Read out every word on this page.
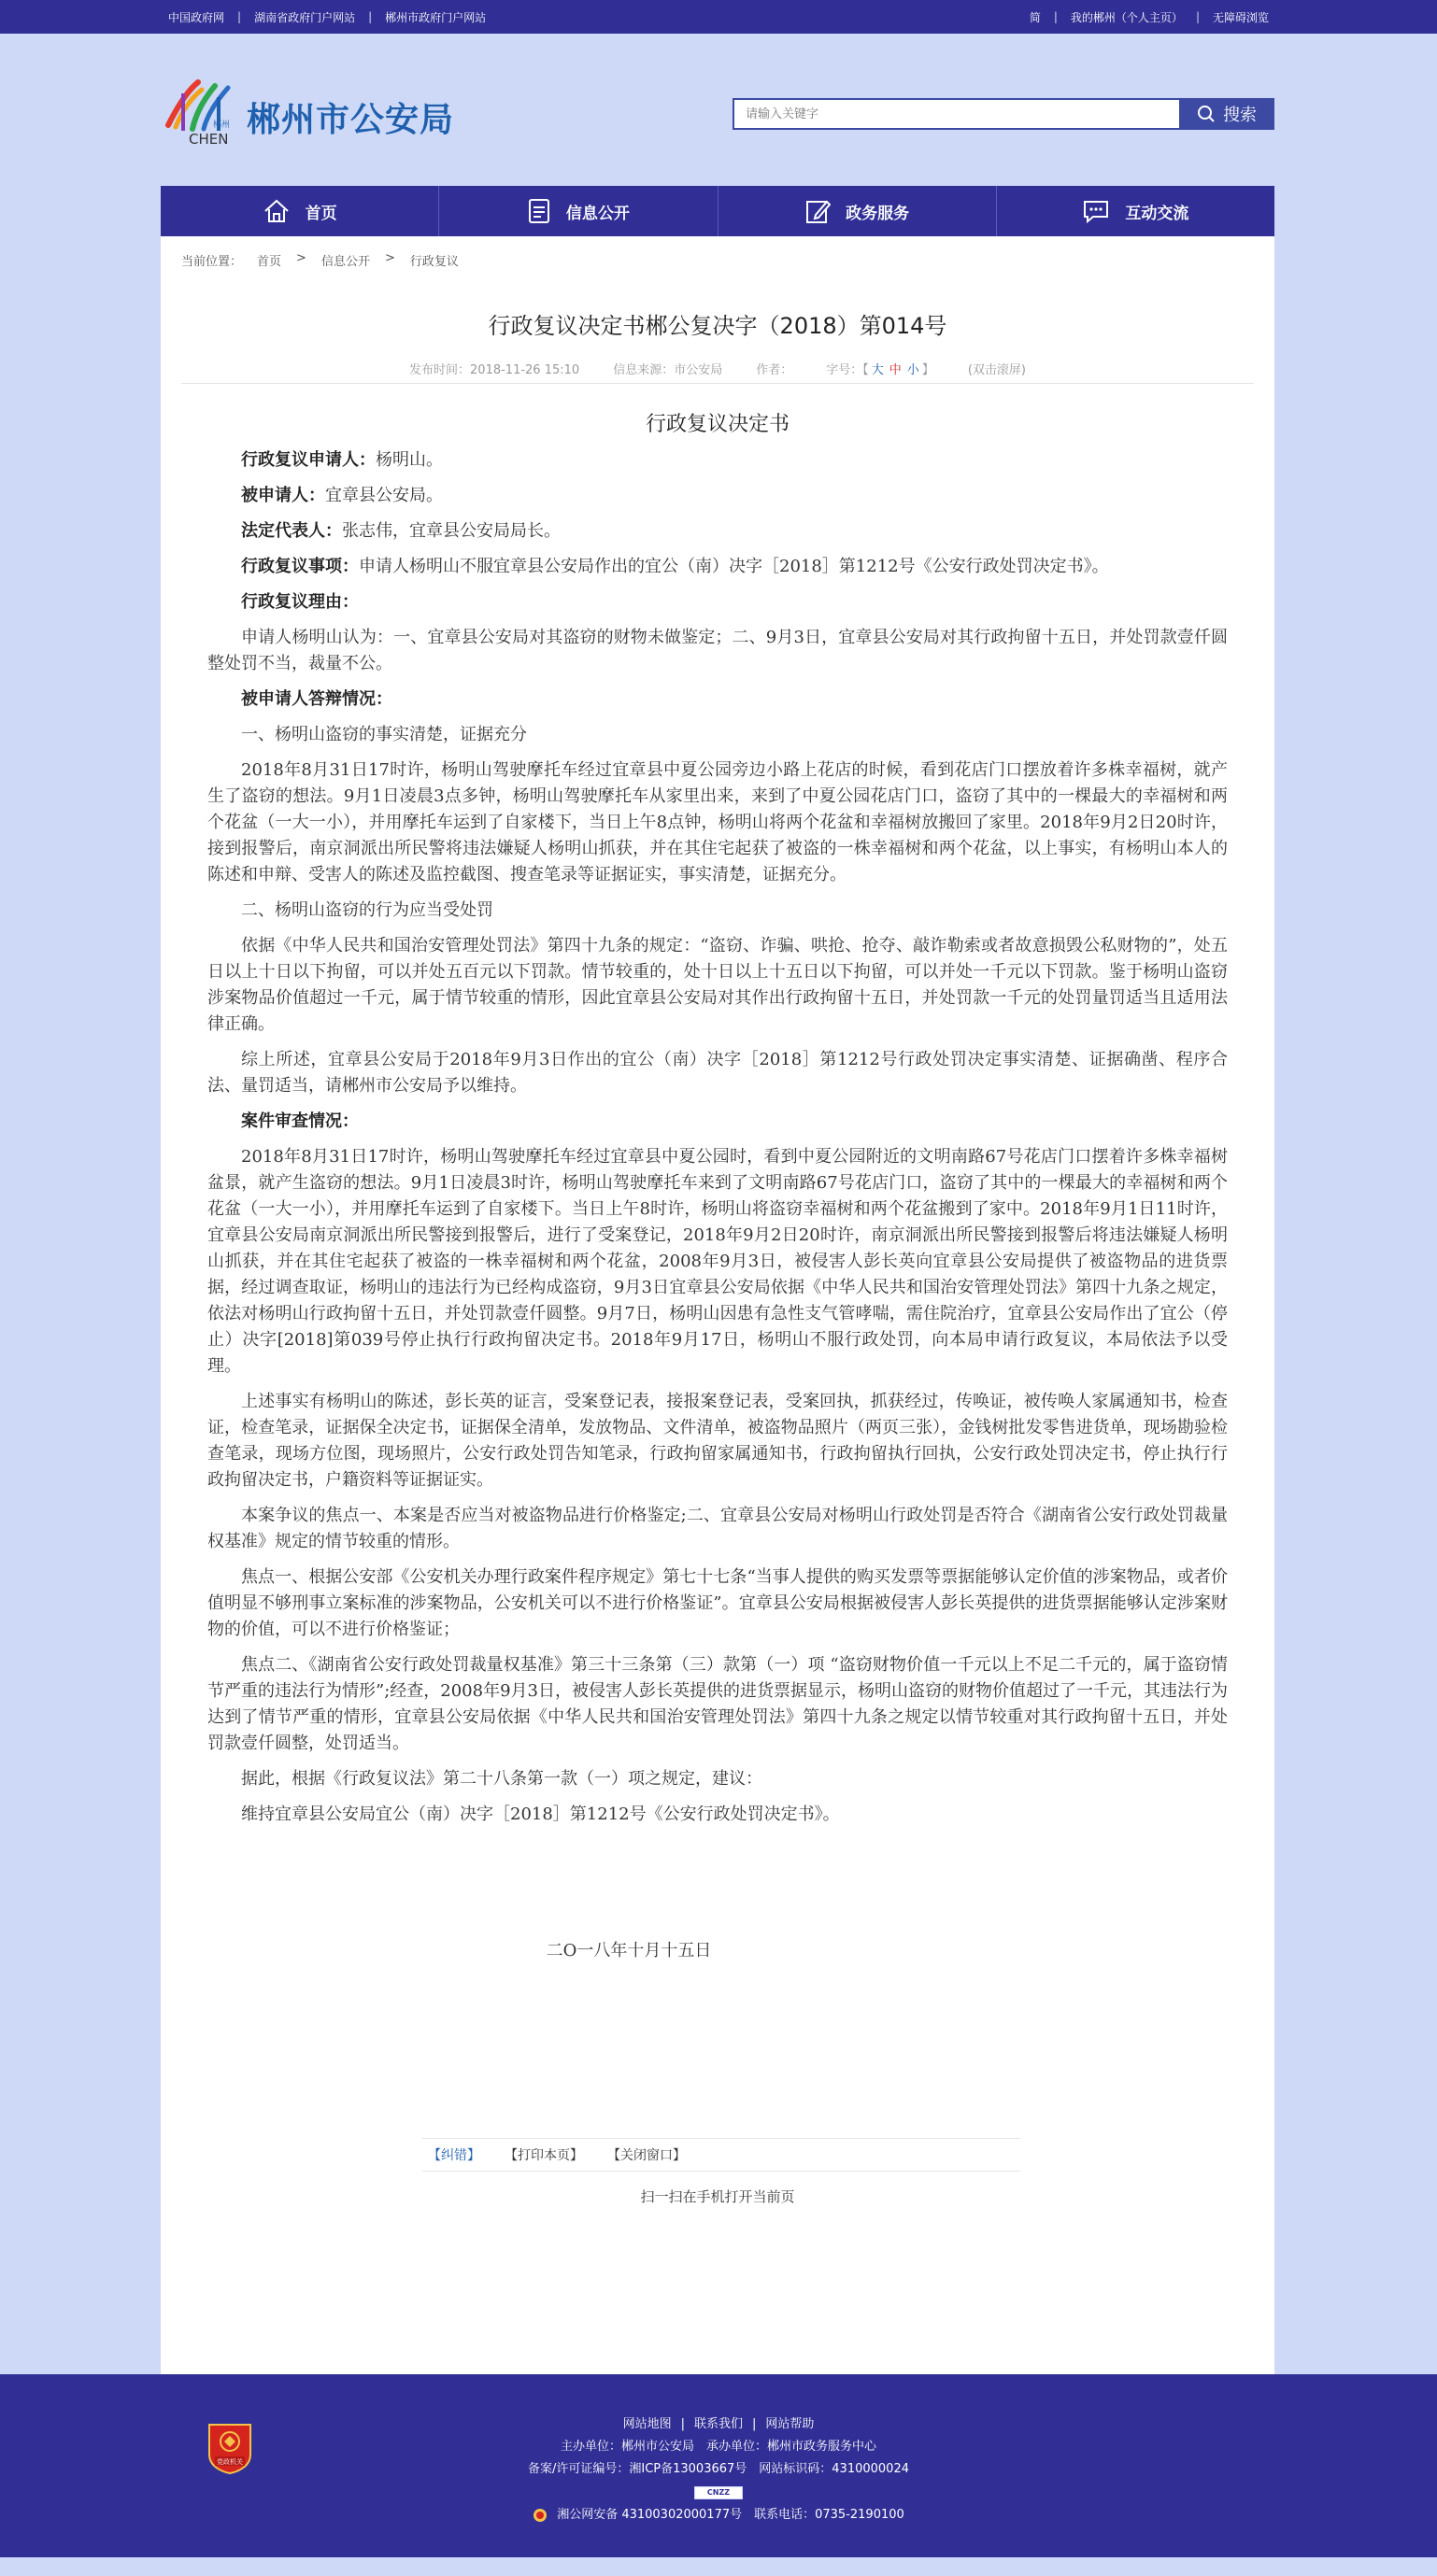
中国政府网 | 湖南省政府门户网站 | 郴州市政府门户网站	简 | 我的郴州（个人主页） | 无障碍浏览
郴州
CHEN 郴州市公安局
请输入关键字	搜索
首页	信息公开	政务服务	互动交流
当前位置： 首页 > 信息公开 > 行政复议
行政复议决定书郴公复决字（2018）第014号
发布时间：2018-11-26 15:10	信息来源：市公安局	作者：	字号：【 大 中 小 】	(双击滚屏)
行政复议决定书

行政复议申请人：杨明山。

被申请人：宜章县公安局。

法定代表人：张志伟，宜章县公安局局长。

行政复议事项：申请人杨明山不服宜章县公安局作出的宜公（南）决字［2018］第1212号《公安行政处罚决定书》。

行政复议理由：

申请人杨明山认为：一、宜章县公安局对其盗窃的财物未做鉴定；二、9月3日，宜章县公安局对其行政拘留十五日，并处罚款壹仟圆整处罚不当，裁量不公。

被申请人答辩情况：

一、杨明山盗窃的事实清楚，证据充分

2018年8月31日17时许，杨明山驾驶摩托车经过宜章县中夏公园旁边小路上花店的时候，看到花店门口摆放着许多株幸福树，就产生了盗窃的想法。9月1日凌晨3点多钟，杨明山驾驶摩托车从家里出来，来到了中夏公园花店门口，盗窃了其中的一棵最大的幸福树和两个花盆（一大一小），并用摩托车运到了自家楼下，当日上午8点钟，杨明山将两个花盆和幸福树放搬回了家里。2018年9月2日20时许，接到报警后，南京洞派出所民警将违法嫌疑人杨明山抓获，并在其住宅起获了被盗的一株幸福树和两个花盆，以上事实，有杨明山本人的陈述和申辩、受害人的陈述及监控截图、搜查笔录等证据证实，事实清楚，证据充分。

二、杨明山盗窃的行为应当受处罚

依据《中华人民共和国治安管理处罚法》第四十九条的规定：“盗窃、诈骗、哄抢、抢夺、敲诈勒索或者故意损毁公私财物的”，处五日以上十日以下拘留，可以并处五百元以下罚款。情节较重的，处十日以上十五日以下拘留，可以并处一千元以下罚款。鉴于杨明山盗窃涉案物品价值超过一千元，属于情节较重的情形，因此宜章县公安局对其作出行政拘留十五日，并处罚款一千元的处罚量罚适当且适用法律正确。

综上所述，宜章县公安局于2018年9月3日作出的宜公（南）决字［2018］第1212号行政处罚决定事实清楚、证据确凿、程序合法、量罚适当，请郴州市公安局予以维持。

案件审查情况：

2018年8月31日17时许，杨明山驾驶摩托车经过宜章县中夏公园时，看到中夏公园附近的文明南路67号花店门口摆着许多株幸福树盆景，就产生盗窃的想法。9月1日凌晨3时许，杨明山驾驶摩托车来到了文明南路67号花店门口，盗窃了其中的一棵最大的幸福树和两个花盆（一大一小），并用摩托车运到了自家楼下。当日上午8时许，杨明山将盗窃幸福树和两个花盆搬到了家中。2018年9月1日11时许，宜章县公安局南京洞派出所民警接到报警后，进行了受案登记，2018年9月2日20时许，南京洞派出所民警接到报警后将违法嫌疑人杨明山抓获，并在其住宅起获了被盗的一株幸福树和两个花盆，2008年9月3日，被侵害人彭长英向宜章县公安局提供了被盗物品的进货票据，经过调查取证，杨明山的违法行为已经构成盗窃，9月3日宜章县公安局依据《中华人民共和国治安管理处罚法》第四十九条之规定，依法对杨明山行政拘留十五日，并处罚款壹仟圆整。9月7日，杨明山因患有急性支气管哮喘，需住院治疗，宜章县公安局作出了宜公（停止）决字[2018]第039号停止执行行政拘留决定书。2018年9月17日，杨明山不服行政处罚，向本局申请行政复议，本局依法予以受理。

上述事实有杨明山的陈述，彭长英的证言，受案登记表，接报案登记表，受案回执，抓获经过，传唤证，被传唤人家属通知书，检查证，检查笔录，证据保全决定书，证据保全清单，发放物品、文件清单，被盗物品照片（两页三张），金钱树批发零售进货单，现场勘验检查笔录，现场方位图，现场照片，公安行政处罚告知笔录，行政拘留家属通知书，行政拘留执行回执，公安行政处罚决定书，停止执行行政拘留决定书，户籍资料等证据证实。

本案争议的焦点一、本案是否应当对被盗物品进行价格鉴定;二、宜章县公安局对杨明山行政处罚是否符合《湖南省公安行政处罚裁量权基准》规定的情节较重的情形。

焦点一、根据公安部《公安机关办理行政案件程序规定》第七十七条“当事人提供的购买发票等票据能够认定价值的涉案物品，或者价值明显不够刑事立案标准的涉案物品，公安机关可以不进行价格鉴证”。宜章县公安局根据被侵害人彭长英提供的进货票据能够认定涉案财物的价值，可以不进行价格鉴证；

焦点二、《湖南省公安行政处罚裁量权基准》第三十三条第（三）款第（一）项 “盗窃财物价值一千元以上不足二千元的，属于盗窃情节严重的违法行为情形”;经查，2008年9月3日，被侵害人彭长英提供的进货票据显示，杨明山盗窃的财物价值超过了一千元，其违法行为达到了情节严重的情形，宜章县公安局依据《中华人民共和国治安管理处罚法》第四十九条之规定以情节较重对其行政拘留十五日，并处罚款壹仟圆整，处罚适当。

据此，根据《行政复议法》第二十八条第一款（一）项之规定，建议：

维持宜章县公安局宜公（南）决字［2018］第1212号《公安行政处罚决定书》。

二O一八年十月十五日

【纠错】 【打印本页】 【关闭窗口】
扫一扫在手机打开当前页
党政机关
网站地图 | 联系我们 | 网站帮助
主办单位：郴州市公安局　承办单位：郴州市政务服务中心
备案/许可证编号：湘ICP备13003667号　网站标识码：4310000024
CNZZ
湘公网安备 43100302000177号　联系电话：0735-2190100
